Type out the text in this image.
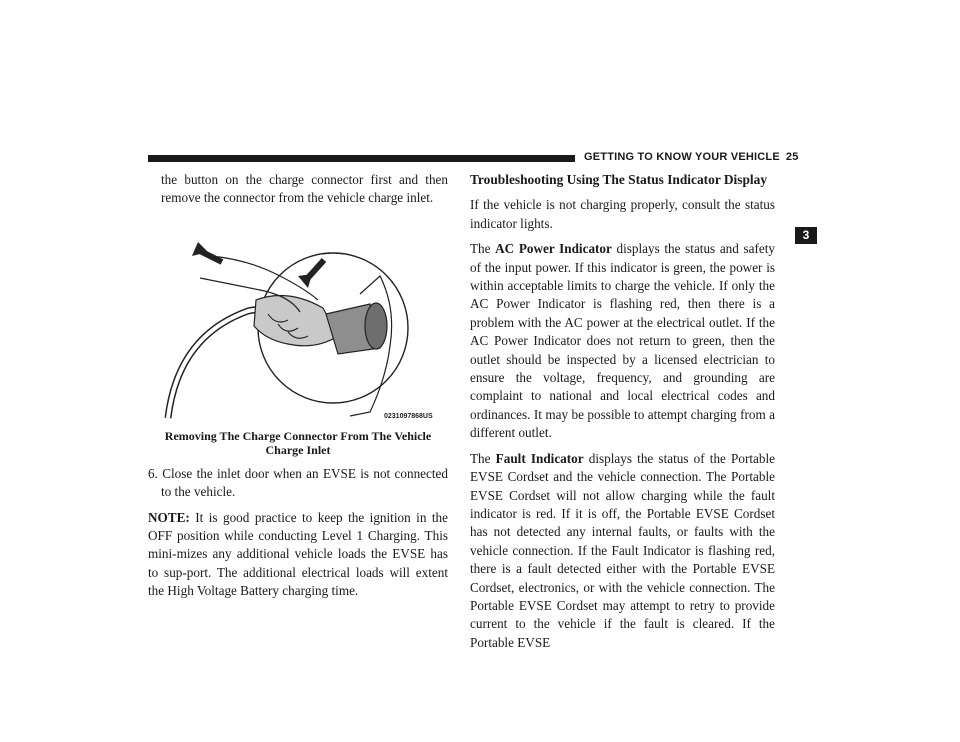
GETTING TO KNOW YOUR VEHICLE 25
3

the button on the charge connector first and then remove the connector from the vehicle charge inlet.

0231097868US
Removing The Charge Connector From The Vehicle
Charge Inlet

6. Close the inlet door when an EVSE is not connected to the vehicle.

NOTE: It is good practice to keep the ignition in the OFF position while conducting Level 1 Charging. This mini-mizes any additional vehicle loads the EVSE has to sup-port. The additional electrical loads will extent the High Voltage Battery charging time.

Troubleshooting Using The Status Indicator Display

If the vehicle is not charging properly, consult the status indicator lights.

The AC Power Indicator displays the status and safety of the input power. If this indicator is green, the power is within acceptable limits to charge the vehicle. If only the AC Power Indicator is flashing red, then there is a problem with the AC power at the electrical outlet. If the AC Power Indicator does not return to green, then the outlet should be inspected by a licensed electrician to ensure the voltage, frequency, and grounding are complaint to national and local electrical codes and ordinances. It may be possible to attempt charging from a different outlet.

The Fault Indicator displays the status of the Portable EVSE Cordset and the vehicle connection. The Portable EVSE Cordset will not allow charging while the fault indicator is red. If it is off, the Portable EVSE Cordset has not detected any internal faults, or faults with the vehicle connection. If the Fault Indicator is flashing red, there is a fault detected either with the Portable EVSE Cordset, electronics, or with the vehicle connection. The Portable EVSE Cordset may attempt to retry to provide current to the vehicle if the fault is cleared. If the Portable EVSE
